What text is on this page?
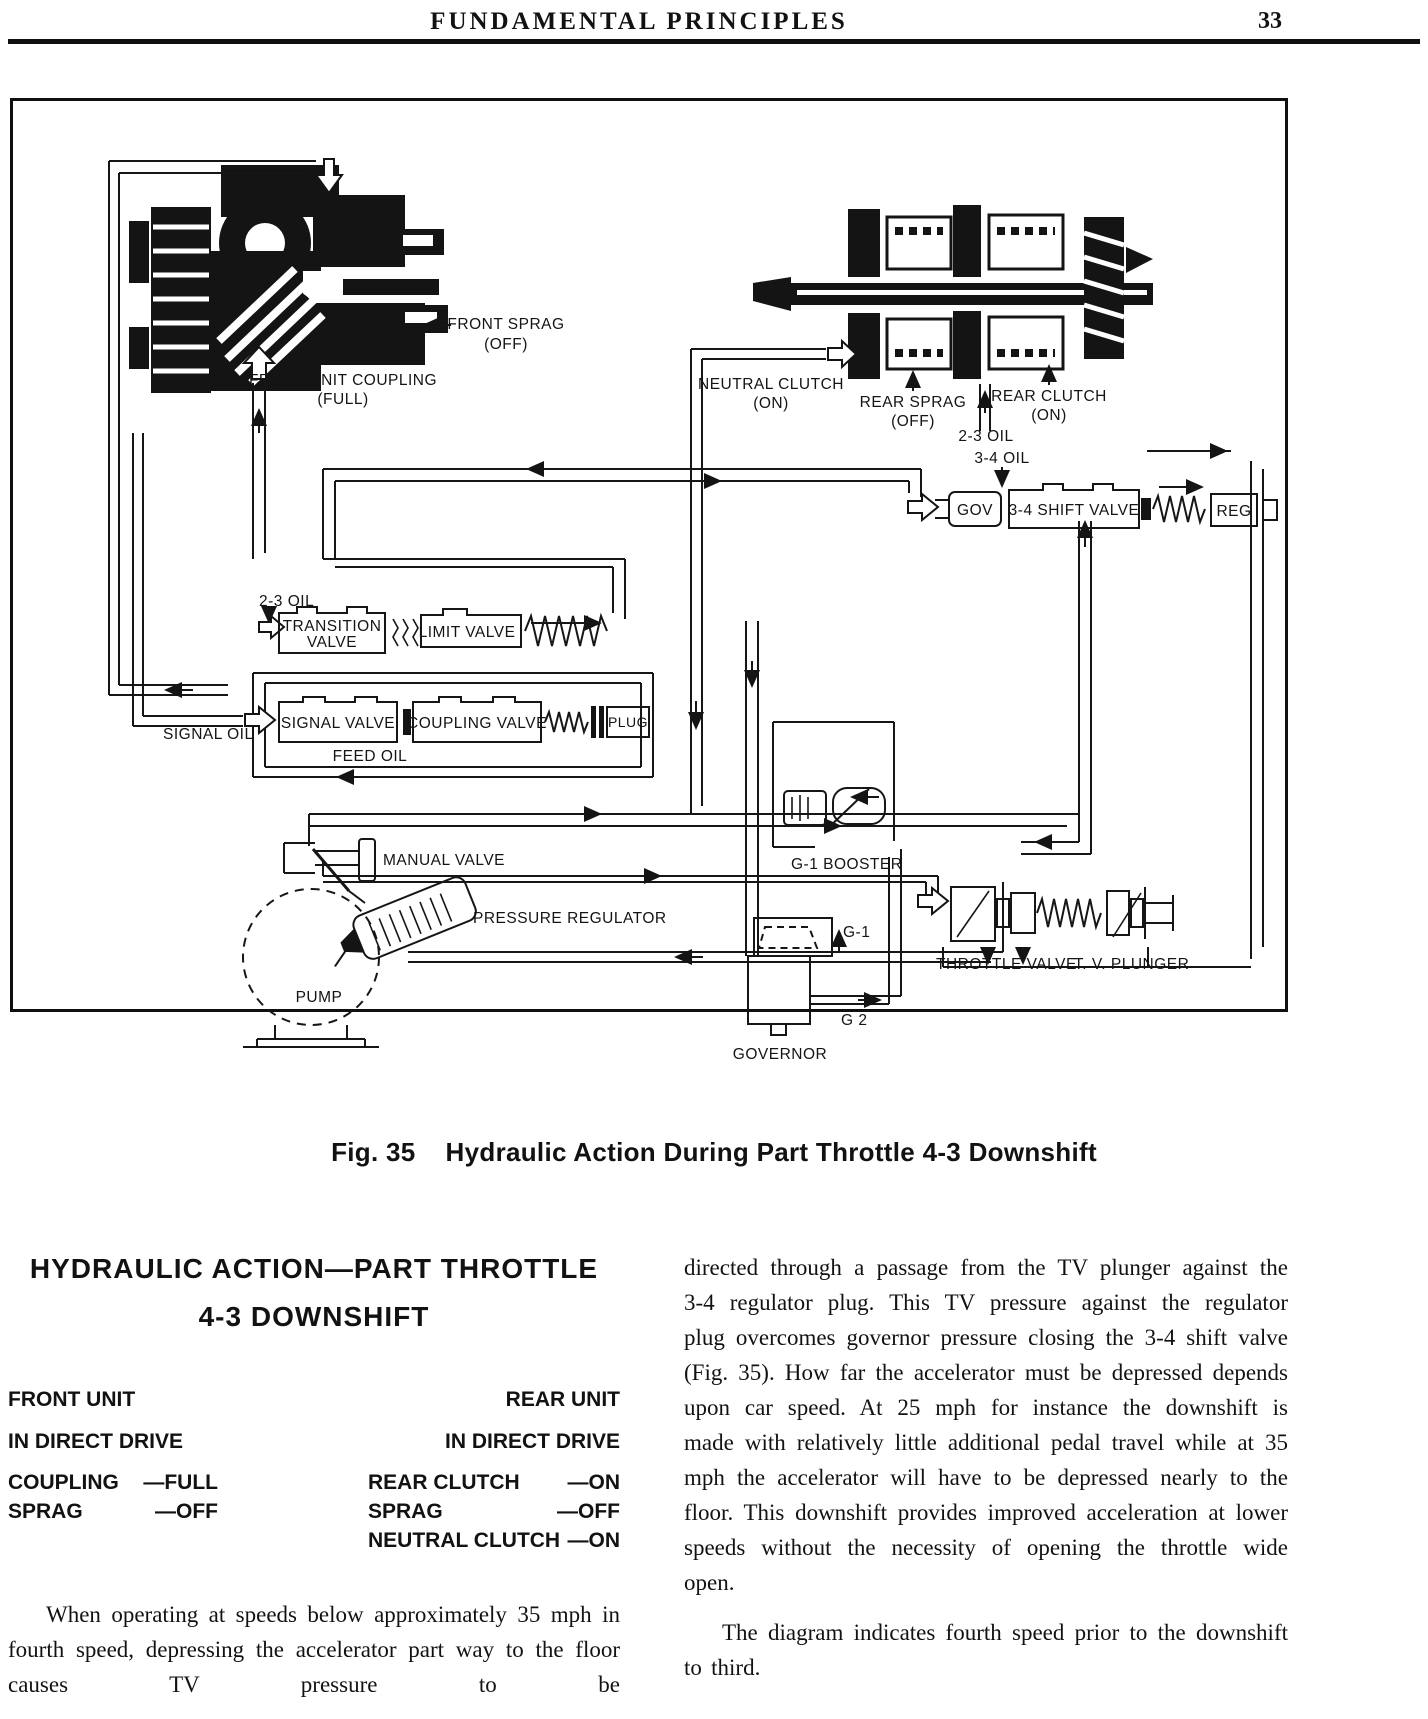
FUNDAMENTAL PRINCIPLES	33
FRONT SPRAG
(OFF)
FRONT UNIT COUPLING
(FULL)
NEUTRAL CLUTCH
(ON)	REAR SPRAG
(OFF)
REAR CLUTCH
(ON)
2-3 OIL
3-4 OIL
GOV 3-4 SHIFT VALVE	REG
2-3 OIL
TRANSITION
VALVE
LIMIT VALVE
SIGNAL OIL
SIGNAL VALVE COUPLING VALVE	PLUG
FEED OIL
MANUAL VALVE
PRESSURE REGULATOR
PUMP
G-1 BOOSTER
G-1
GOVERNOR
G 2
THROTTLE VALVE
T. V. PLUNGER
Fig. 35 Hydraulic Action During Part Throttle 4-3 Downshift

HYDRAULIC ACTION—PART THROTTLE

4-3 DOWNSHIFT

FRONT UNIT
IN DIRECT DRIVE
COUPLING —FULL
SPRAG	—OFF
REAR UNIT
IN DIRECT DRIVE
REAR CLUTCH —ON
SPRAG	—OFF
NEUTRAL CLUTCH —ON

When operating at speeds below approximately 35 mph in fourth speed, depressing the accelerator part way to the floor causes TV pressure to be

directed through a passage from the TV plunger against the 3-4 regulator plug. This TV pressure against the regulator plug overcomes governor pressure closing the 3-4 shift valve (Fig. 35). How far the accelerator must be depressed depends upon car speed. At 25 mph for instance the downshift is made with relatively little additional pedal travel while at 35 mph the accelerator will have to be depressed nearly to the floor. This downshift provides improved acceleration at lower speeds without the necessity of opening the throttle wide open.

The diagram indicates fourth speed prior to the downshift to third.
